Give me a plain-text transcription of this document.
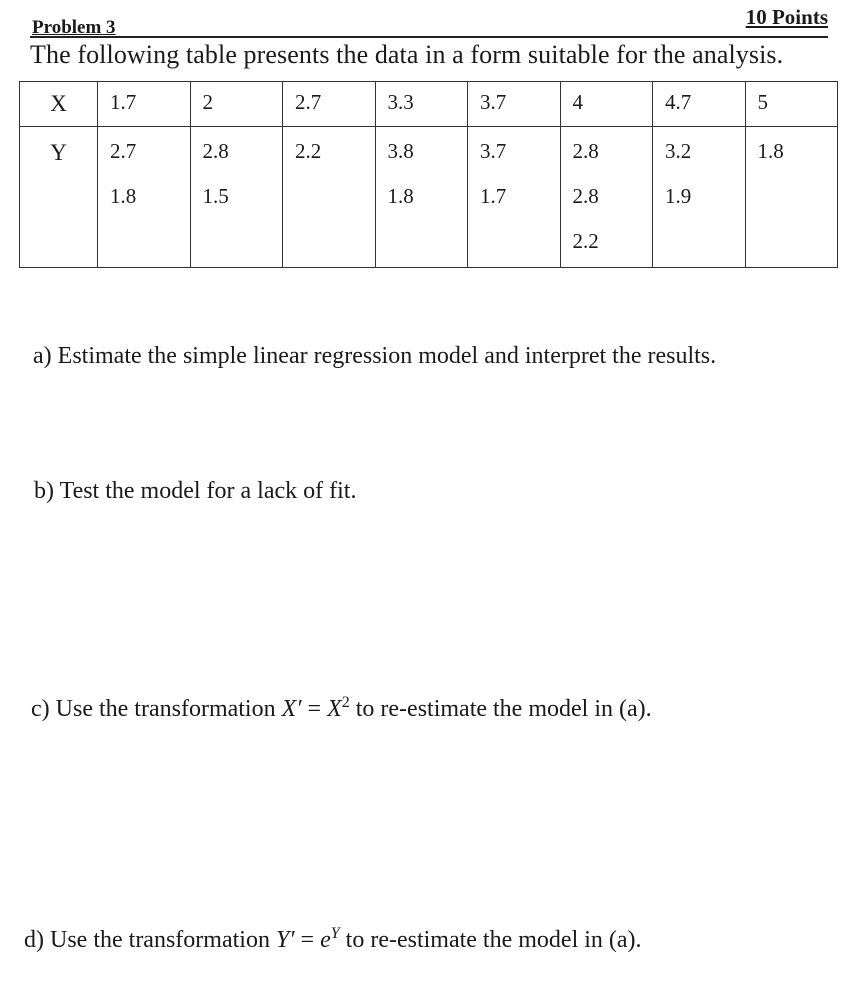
Problem 3	10 Points
The following table presents the data in a form suitable for the analysis.
X	1.7	2	2.7	3.3	3.7	4	4.7	5
Y	2.7	2.8	2.2	3.8	3.7	2.8	3.2	1.8
	1.8	1.5		1.8	1.7	2.8	1.9	
						2.2		
a) Estimate the simple linear regression model and interpret the results.
b) Test the model for a lack of fit.
c) Use the transformation $X' = X^2$ to re-estimate the model in (a).
d) Use the transformation $Y' = e^Y$ to re-estimate the model in (a).
